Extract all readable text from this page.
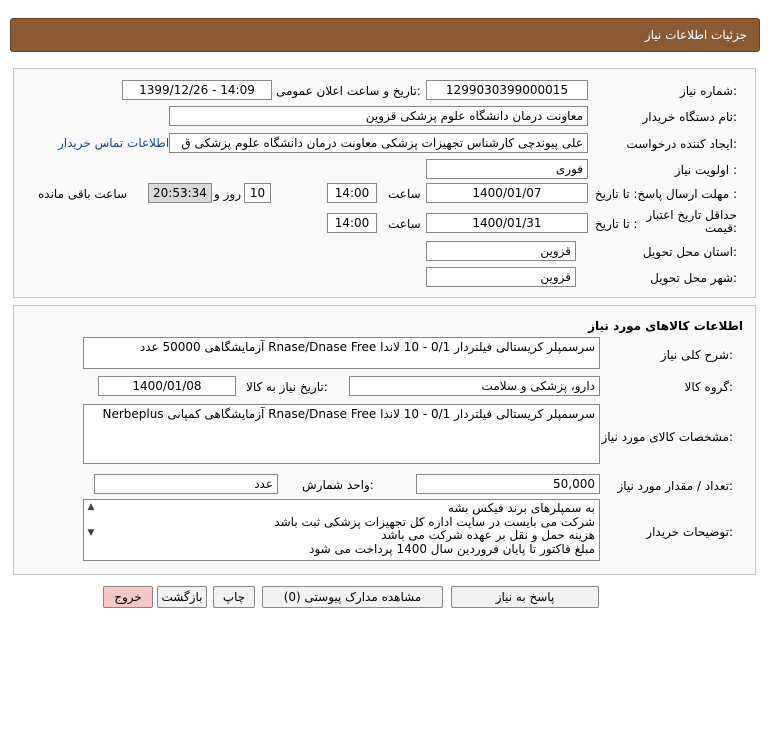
جزئیات اطلاعات نیاز
شماره نیاز:
1299030399000015
تاریخ و ساعت اعلان عمومی:
1399/12/26 - 14:09
نام دستگاه خریدار:
معاونت درمان دانشگاه علوم پزشکی قزوین
ایجاد کننده درخواست:
علی پیوندچی کارشناس تجهیزات پزشکی معاونت درمان دانشگاه علوم پزشکی ق
اطلاعات تماس خریدار
اولویت نیاز :
فوری
مهلت ارسال پاسخ: تا تاریخ :
1400/01/07
ساعت
14:00
10
روز و
20:53:34
ساعت باقی مانده
حداقل تاریخ اعتبار قیمت:
تا تاریخ :
1400/01/31
ساعت
14:00
استان محل تحویل:
قزوین
شهر محل تحویل:
قزوین
اطلاعات کالاهای مورد نیاز
شرح کلی نیاز:
سرسمپلر کریستالی فیلتردار 0/1 - 10 لاندا Rnase/Dnase Free آزمایشگاهی 50000 عدد
گروه کالا:
دارو، پزشکی و سلامت
تاریخ نیاز به کالا:
1400/01/08
مشخصات کالای مورد نیاز:
سرسمپلر کریستالی فیلتردار 0/1 - 10 لاندا Rnase/Dnase Free آزمایشگاهی کمپانی Nerbeplus
تعداد / مقدار مورد نیاز:
50,000
واحد شمارش:
عدد
توضیحات خریدار:
▲
▼
به سمپلرهای برند فیکس بشه
شرکت می بایست در سایت اداره کل تجهیزات پزشکی ثبت باشد
هزینه حمل و نقل بر عهده شرکت می باشد
مبلغ فاکتور تا پایان فروردین سال 1400 پرداخت می شود
پاسخ به نیاز
مشاهده مدارک پیوستی (0)
چاپ
بازگشت
خروج
